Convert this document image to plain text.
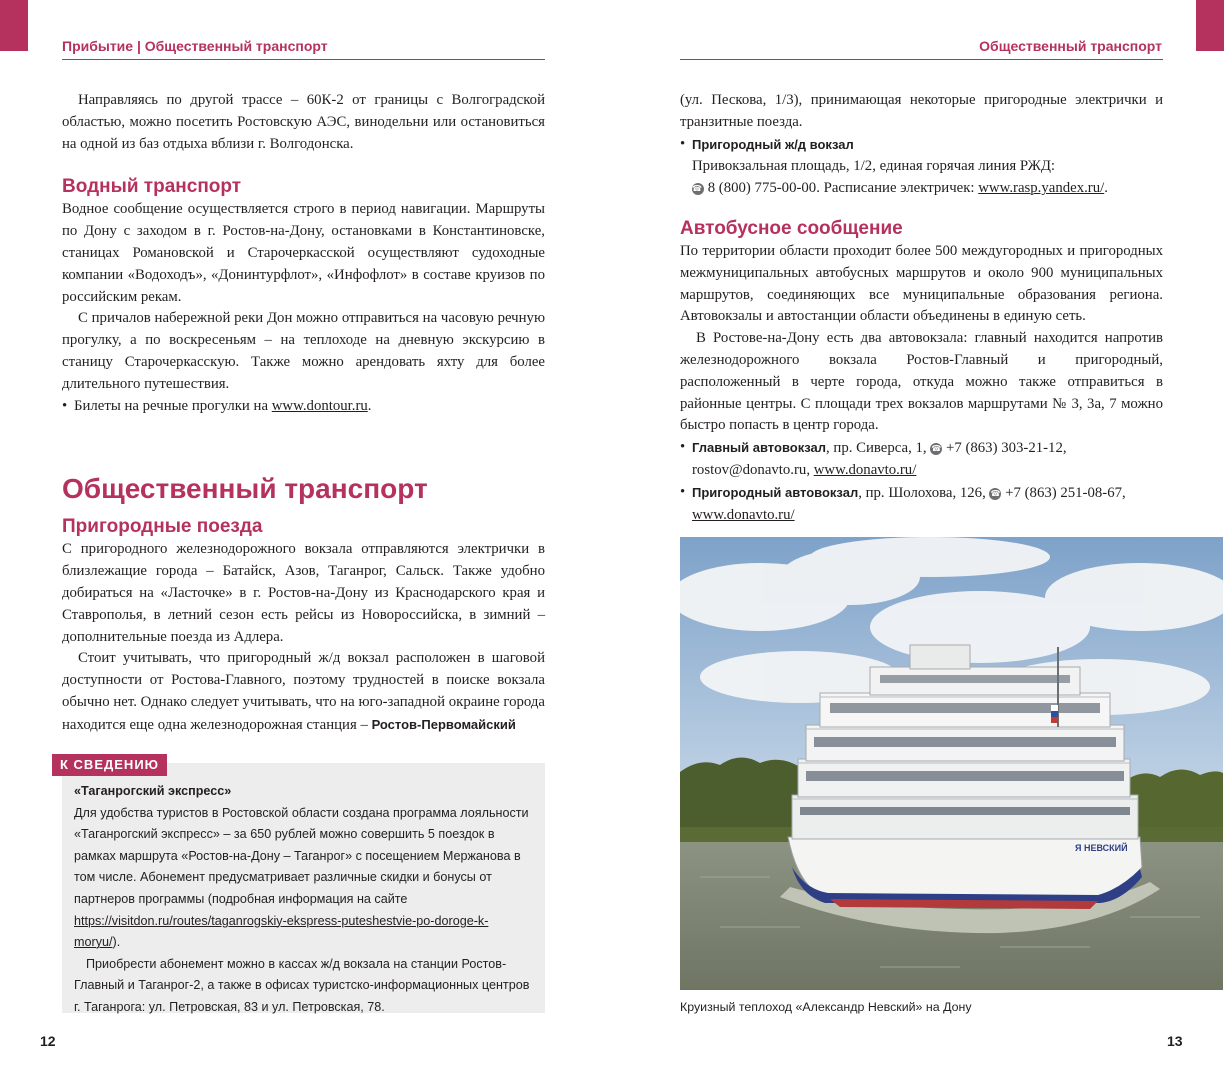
Прибытие | Общественный транспорт	Общественный транспорт

Направляясь по другой трассе – 60К-2 от границы с Волгоградской областью, можно посетить Ростовскую АЭС, винодельни или остановиться на одной из баз отдыха вблизи г. Волгодонска.

Водный транспорт

Водное сообщение осуществляется строго в период навигации. Маршруты по Дону с заходом в г. Ростов-на-Дону, остановками в Константиновске, станицах Романовской и Старочеркасской осуществляют судоходные компании «Водоходъ», «Донинтурфлот», «Инфофлот» в составе круизов по российским рекам.

С причалов набережной реки Дон можно отправиться на часовую речную прогулку, а по воскресеньям – на теплоходе на дневную экскурсию в станицу Старочеркасскую. Также можно арендовать яхту для более длительного путешествия.

• Билеты на речные прогулки на www.dontour.ru.

Общественный транспорт
Пригородные поезда

С пригородного железнодорожного вокзала отправляются электрички в близлежащие города – Батайск, Азов, Таганрог, Сальск. Также удобно добираться на «Ласточке» в г. Ростов-на-Дону из Краснодарского края и Ставрополья, в летний сезон есть рейсы из Новороссийска, в зимний – дополнительные поезда из Адлера.

Стоит учитывать, что пригородный ж/д вокзал расположен в шаговой доступности от Ростова-Главного, поэтому трудностей в поиске вокзала обычно нет. Однако следует учитывать, что на юго-западной окраине города находится еще одна железнодорожная станция – Ростов-Первомайский

К СВЕДЕНИЮ

«Таганрогский экспресс»

Для удобства туристов в Ростовской области создана программа лояльности «Таганрогский экспресс» – за 650 рублей можно совершить 5 поездок в рамках маршрута «Ростов-на-Дону – Таганрог» с посещением Мержанова в том числе. Абонемент предусматривает различные скидки и бонусы от партнеров программы (подробная информация на сайте https://visitdon.ru/routes/taganrogskiy-ekspress-puteshestvie-po-doroge-k-moryu/).

Приобрести абонемент можно в кассах ж/д вокзала на станции Ростов-Главный и Таганрог-2, а также в офисах туристско-информационных центров г. Таганрога: ул. Петровская, 83 и ул. Петровская, 78.

12

(ул. Пескова, 1/3), принимающая некоторые пригородные электрички и транзитные поезда.

• Пригородный ж/д вокзал

Привокзальная площадь, 1/2, единая горячая линия РЖД:
☎ 8 (800) 775-00-00. Расписание электричек: www.rasp.yandex.ru/.

Автобусное сообщение

По территории области проходит более 500 междугородных и пригородных межмуниципальных автобусных маршрутов и около 900 муниципальных маршрутов, соединяющих все муниципальные образования региона. Автовокзалы и автостанции области объединены в единую сеть.

В Ростове-на-Дону есть два автовокзала: главный находится напротив железнодорожного вокзала Ростов-Главный и пригородный, расположенный в черте города, откуда можно также отправиться в районные центры. С площади трех вокзалов маршрутами № 3, 3а, 7 можно быстро попасть в центр города.

• Главный автовокзал, пр. Сиверса, 1, ☎ +7 (863) 303-21-12,
rostov@donavto.ru, www.donavto.ru/

• Пригородный автовокзал, пр. Шолохова, 126, ☎ +7 (863) 251-08-67,
www.donavto.ru/

Я НЕВСКИЙ
Круизный теплоход «Александр Невский» на Дону
13
